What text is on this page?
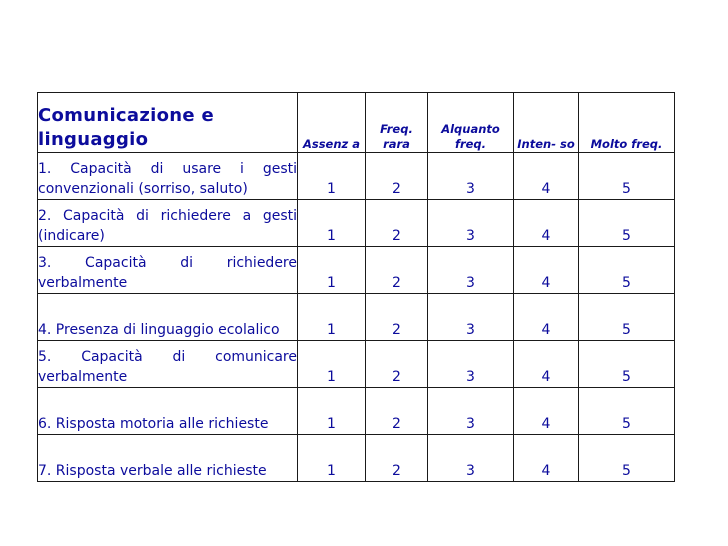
Comunicazione e linguaggio	Assenz a	Freq. rara	Alquanto freq.	Inten- so	Molto freq.
1. Capacità di usare i gesti convenzionali (sorriso, saluto)	1	2	3	4	5
2. Capacità di richiedere a gesti (indicare)	1	2	3	4	5
3. Capacità di richiedere verbalmente	1	2	3	4	5
4. Presenza di linguaggio ecolalico	1	2	3	4	5
5. Capacità di comunicare verbalmente	1	2	3	4	5
6. Risposta motoria alle richieste	1	2	3	4	5
7. Risposta verbale alle richieste	1	2	3	4	5
